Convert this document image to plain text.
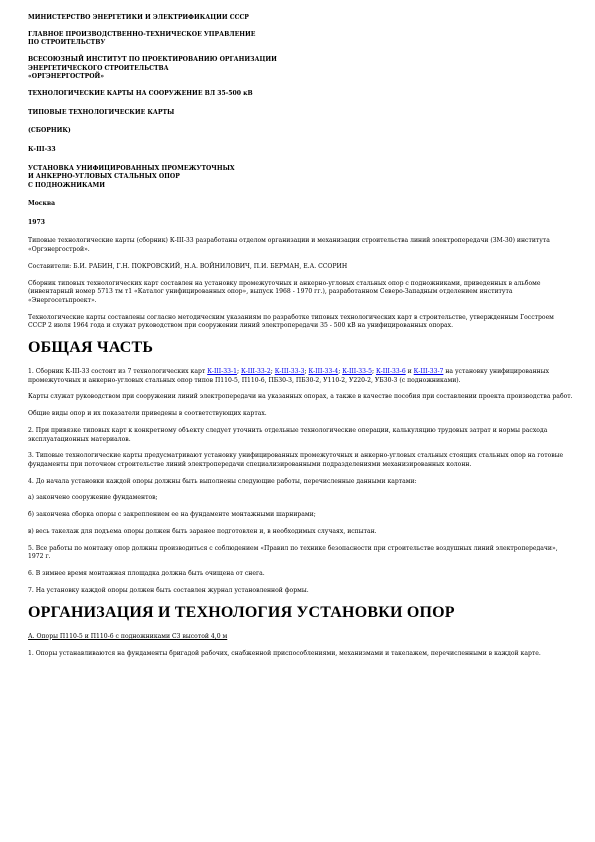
МИНИСТЕРСТВО ЭНЕРГЕТИКИ И ЭЛЕКТРИФИКАЦИИ СССР

ГЛАВНОЕ ПРОИЗВОДСТВЕННО-ТЕХНИЧЕСКОЕ УПРАВЛЕНИЕ
ПО СТРОИТЕЛЬСТВУ

ВСЕСОЮЗНЫЙ ИНСТИТУТ ПО ПРОЕКТИРОВАНИЮ ОРГАНИЗАЦИИ
ЭНЕРГЕТИЧЕСКОГО СТРОИТЕЛЬСТВА
«ОРГЭНЕРГОСТРОЙ»

ТЕХНОЛОГИЧЕСКИЕ КАРТЫ НА СООРУЖЕНИЕ ВЛ 35-500 кВ

ТИПОВЫЕ ТЕХНОЛОГИЧЕСКИЕ КАРТЫ

(СБОРНИК)

К-III-33

УСТАНОВКА УНИФИЦИРОВАННЫХ ПРОМЕЖУТОЧНЫХ
И АНКЕРНО-УГЛОВЫХ СТАЛЬНЫХ ОПОР
С ПОДНОЖНИКАМИ

Москва

1973

Типовые технологические карты (сборник) К-III-33 разработаны отделом организации и механизации строительства линий электропередачи (ЗМ-30) института «Оргэнергострой».

Составители: Б.И. РАБИН, Г.Н. ПОКРОВСКИЙ, Н.А. ВОЙНИЛОВИЧ, П.И. БЕРМАН, Е.А. ССОРИН

Сборник типовых технологических карт составлен на установку промежуточных и анкерно-угловых стальных опор с подножниками, приведенных в альбоме (инвентарный номер 5713 тм т1 «Каталог унифицированных опор», выпуск 1968 - 1970 гг.), разработанном Северо-Западным отделением института «Энергосетьпроект».

Технологические карты составлены согласно методическим указаниям по разработке типовых технологических карт в строительстве, утвержденным Госстроем СССР 2 июля 1964 года и служат руководством при сооружении линий электропередачи 35 - 500 кВ на унифицированных опорах.

ОБЩАЯ ЧАСТЬ

1. Сборник К-III-33 состоит из 7 технологических карт К-III-33-1; К-III-33-2; К-III-33-3; К-III-33-4; К-III-33-5; К-III-33-6 и К-III-33-7 на установку унифицированных промежуточных и анкерно-угловых стальных опор типов П110-5, П110-6, ПБ30-3, ПБ30-2, У110-2, У220-2, УБ30-3 (с подножниками).

Карты служат руководством при сооружении линий электропередачи на указанных опорах, а также в качестве пособия при составлении проекта производства работ.

Общие виды опор и их показатели приведены в соответствующих картах.

2. При привязке типовых карт к конкретному объекту следует уточнить отдельные технологические операции, калькуляцию трудовых затрат и нормы расхода эксплуатационных материалов.

3. Типовые технологические карты предусматривают установку унифицированных промежуточных и анкерно-угловых стальных стоящих стальных опор на готовые фундаменты при поточном строительстве линий электропередачи специализированными подразделениями механизированных колонн.

4. До начала установки каждой опоры должны быть выполнены следующие работы, перечисленные данными картами:

а) закончено сооружение фундаментов;

б) закончена сборка опоры с закреплением ее на фундаменте монтажными шарнирами;

в) весь такелаж для подъема опоры должен быть заранее подготовлен и, в необходимых случаях, испытан.

5. Все работы по монтажу опор должны производиться с соблюдением «Правил по технике безопасности при строительстве воздушных линий электропередачи», 1972 г.

6. В зимнее время монтажная площадка должна быть очищена от снега.

7. На установку каждой опоры должен быть составлен журнал установленной формы.

ОРГАНИЗАЦИЯ И ТЕХНОЛОГИЯ УСТАНОВКИ ОПОР

А. Опоры П110-5 и П110-6 с подножниками С3 высотой 4,0 м

1. Опоры устанавливаются на фундаменты бригадой рабочих, снабженной приспособлениями, механизмами и такелажем, перечисленными в каждой карте.
